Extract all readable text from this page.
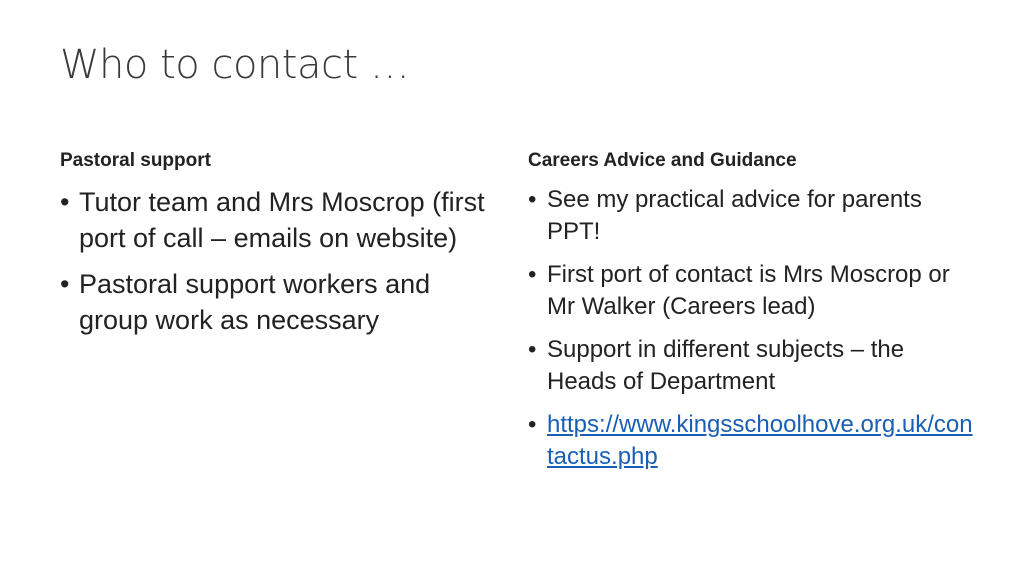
Who to contact …
Pastoral support
• Tutor team and Mrs Moscrop (first port of call – emails on website)
• Pastoral support workers and group work as necessary
Careers Advice and Guidance
• See my practical advice for parents PPT!
• First port of contact is Mrs Moscrop or Mr Walker (Careers lead)
• Support in different subjects – the Heads of Department
• https://www.kingsschoolhove.org.uk/contactus.php
